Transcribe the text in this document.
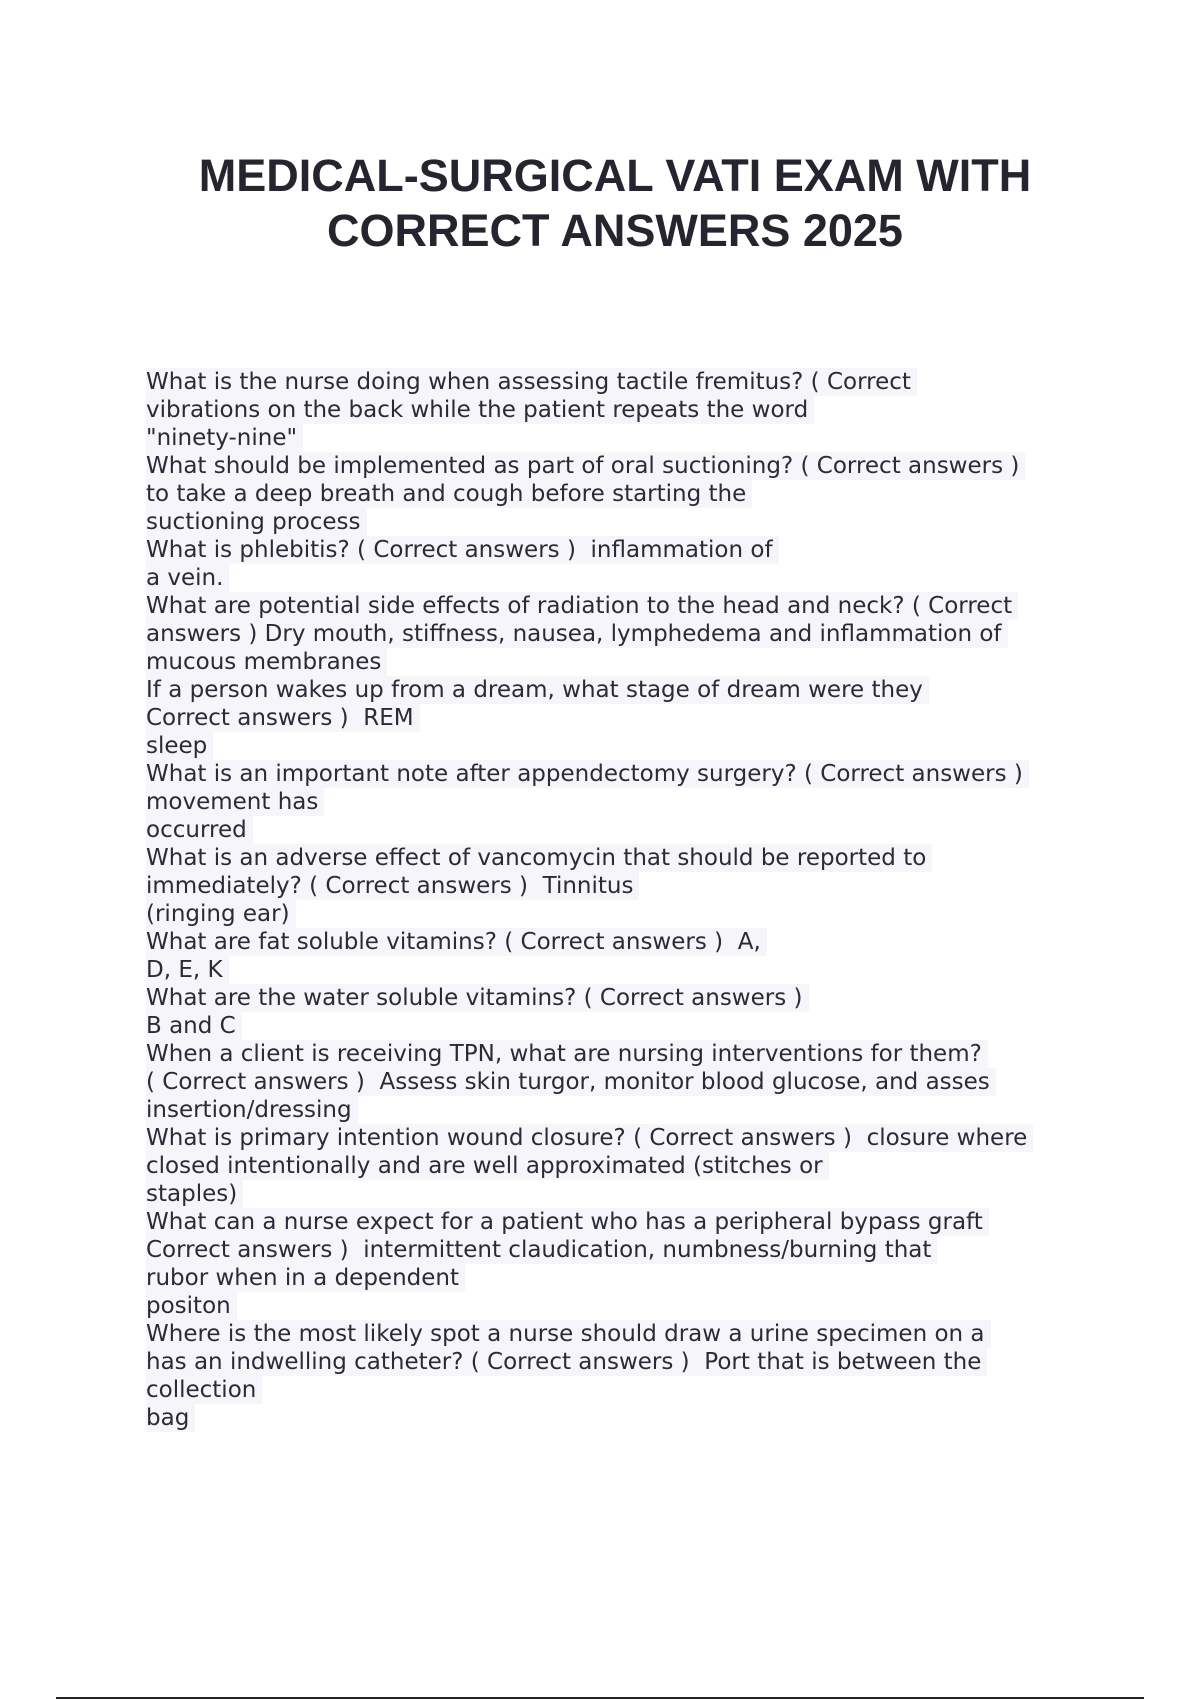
MEDICAL-SURGICAL VATI EXAM WITH
CORRECT ANSWERS 2025
What is the nurse doing when assessing tactile fremitus? ( Correct
vibrations on the back while the patient repeats the word
"ninety-nine"
What should be implemented as part of oral suctioning? ( Correct answers )
to take a deep breath and cough before starting the
suctioning process
What is phlebitis? ( Correct answers )  inflammation of
a vein.
What are potential side effects of radiation to the head and neck? ( Correct
answers ) Dry mouth, stiffness, nausea, lymphedema and inflammation of
mucous membranes
If a person wakes up from a dream, what stage of dream were they
Correct answers )  REM
sleep
What is an important note after appendectomy surgery? ( Correct answers )
movement has
occurred
What is an adverse effect of vancomycin that should be reported to
immediately? ( Correct answers )  Tinnitus
(ringing ear)
What are fat soluble vitamins? ( Correct answers )  A,
D, E, K
What are the water soluble vitamins? ( Correct answers )
B and C
When a client is receiving TPN, what are nursing interventions for them?
( Correct answers )  Assess skin turgor, monitor blood glucose, and asses
insertion/dressing
What is primary intention wound closure? ( Correct answers )  closure where
closed intentionally and are well approximated (stitches or
staples)
What can a nurse expect for a patient who has a peripheral bypass graft
Correct answers )  intermittent claudication, numbness/burning that
rubor when in a dependent
positon
Where is the most likely spot a nurse should draw a urine specimen on a
has an indwelling catheter? ( Correct answers )  Port that is between the
collection
bag
